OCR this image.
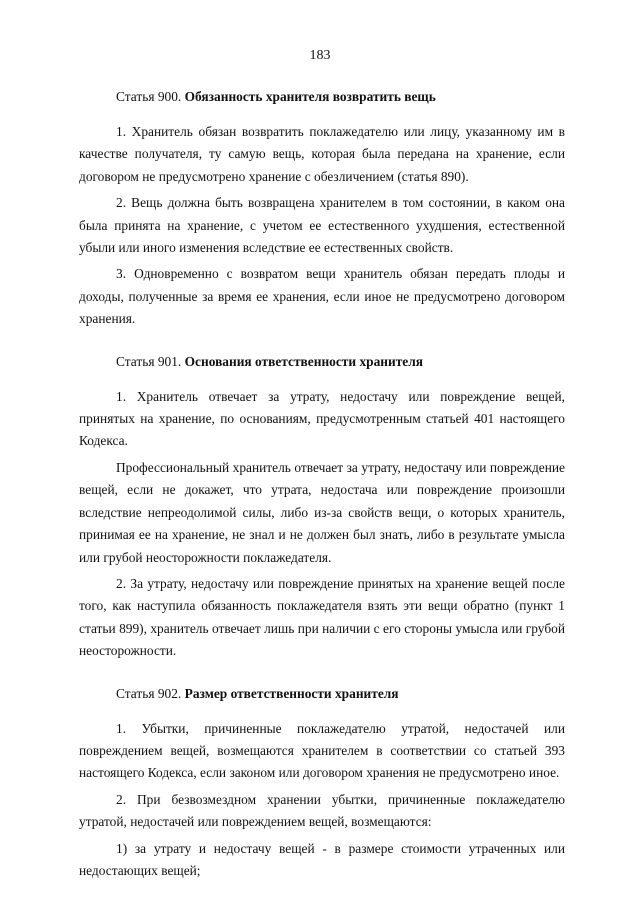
183
Статья 900. Обязанность хранителя возвратить вещь

1. Хранитель обязан возвратить поклажедателю или лицу, указанному им в качестве получателя, ту самую вещь, которая была передана на хранение, если договором не предусмотрено хранение с обезличением (статья 890).

2. Вещь должна быть возвращена хранителем в том состоянии, в каком она была принята на хранение, с учетом ее естественного ухудшения, естественной убыли или иного изменения вследствие ее естественных свойств.

3. Одновременно с возвратом вещи хранитель обязан передать плоды и доходы, полученные за время ее хранения, если иное не предусмотрено договором хранения.

Статья 901. Основания ответственности хранителя

1. Хранитель отвечает за утрату, недостачу или повреждение вещей, принятых на хранение, по основаниям, предусмотренным статьей 401 настоящего Кодекса.

Профессиональный хранитель отвечает за утрату, недостачу или повреждение вещей, если не докажет, что утрата, недостача или повреждение произошли вследствие непреодолимой силы, либо из-за свойств вещи, о которых хранитель, принимая ее на хранение, не знал и не должен был знать, либо в результате умысла или грубой неосторожности поклажедателя.

2. За утрату, недостачу или повреждение принятых на хранение вещей после того, как наступила обязанность поклажедателя взять эти вещи обратно (пункт 1 статьи 899), хранитель отвечает лишь при наличии с его стороны умысла или грубой неосторожности.

Статья 902. Размер ответственности хранителя

1. Убытки, причиненные поклажедателю утратой, недостачей или повреждением вещей, возмещаются хранителем в соответствии со статьей 393 настоящего Кодекса, если законом или договором хранения не предусмотрено иное.

2. При безвозмездном хранении убытки, причиненные поклажедателю утратой, недостачей или повреждением вещей, возмещаются:

1) за утрату и недостачу вещей - в размере стоимости утраченных или недостающих вещей;
